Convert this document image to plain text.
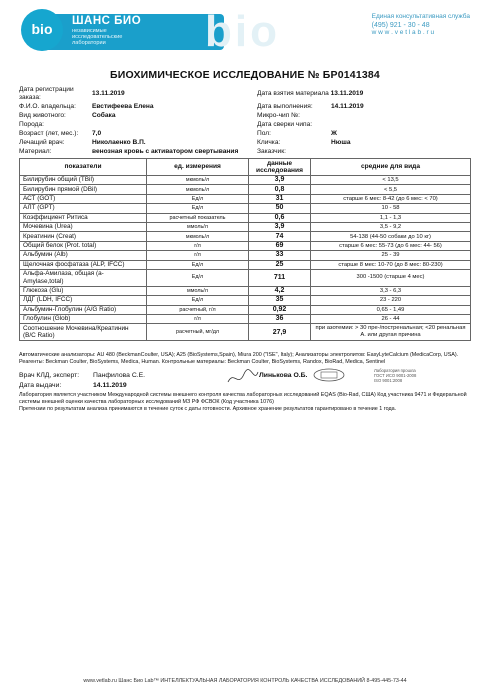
bio	ШАНС БИО
независимые
исследовательские
лаборатории	bio	Единая консультативная служба
(495) 921 - 30 - 48
w w w . v e t l a b . r u
БИОХИМИЧЕСКОЕ ИССЛЕДОВАНИЕ № БР0141384
Дата регистрации заказа:
13.11.2019
Ф.И.О. владельца: Евстифеева Елена
Вид животного:	Собака
Порода:
Возраст (лет, мес.): 7,0
Лечащий врач:	Николаенко В.П.
Материал:	венозная кровь с активатором свертывания
Дата взятия материала 13.11.2019
Дата выполнения:	14.11.2019
Микро-чип №:
Дата сверки чипа:
Пол:	Ж
Кличка:	Нюша
Заказчик:
показатели	ед. измерения	данные исследования	средние для вида
Билирубин общий (TBil)	мкмоль/л	3,9	< 13,5
Билирубин прямой (DBil)	мкмоль/л	0,8	< 5,5
АСТ (GOT)	Ед/л	31	старше 6 мес: 8-42 (до 6 мес: < 70)
АЛТ (GPT)	Ед/л	50	10 - 58
Коэффициент Ритиса	расчетный показатель	0,6	1,1 - 1,3
Мочевина (Urea)	ммоль/л	3,9	3,5 - 9,2
Креатинин (Creat)	мкмоль/л	74	54-138 (44-50 собаки до 10 кг)
Общий белок (Prot. total)	г/л	69	старше 6 мес: 55-73 (до 6 мес: 44- 56)
Альбумин (Alb)	г/л	33	25 - 39
Щелочная фосфатаза (ALP, IFCC)	Ед/л	25	старше 8 мес: 10-70 (до 8 мес: 80-230)
Альфа-Амилаза, общая (a-Amylase,total)	Ед/л	711	300 -1500 (старше 4 мес)
Глюкоза (Glu)	ммоль/л	4,2	3,3 - 6,3
ЛДГ (LDH, IFCC)	Ед/л	35	23 - 220
Альбумин-Глобулин (A/G Ratio)	расчетный, г/л	0,92	0,65 - 1,49
Глобулин (Glob)	г/л	36	26 - 44
Соотношение Мочевина/Креатинин (B/C Ratio)	расчетный, мг/дл	27,9	при азотемии: > 30 пре-/постренальная; <20 ренальная А. или другая причина
Автоматические анализаторы: AU 480 (BeckmanCoulter, USA); A25 (BioSystems,Spain), Miura 200 ("ISE", Italy); Анализаторы электролитов: EasyLyteCalcium (MedicaCorp, USA). Реагенты: Beckman Coulter, BioSystems, Medica, Human. Контрольные материалы: Beckman Coulter, BioSystems, Randox, BioRad, Medica, Sentinel
Врач КЛД, эксперт: Панфилова С.Е.
Дата выдачи:	14.11.2019
Линькова О.Б.
Лаборатория прошла
ГОСТ ИСО 9001-2008
ISO 9001:2008
Лаборатория является участником Международной системы внешнего контроля качества лабораторных исследований EQAS (Bio-Rad, США) Код участника 9471 и Федеральной системы внешней оценки качества лабораторных исследований МЗ РФ ФСВОК (Код участника 1076)
Претензии по результатам анализа принимаются в течение суток с даты готовности. Архивное хранение результатов гарантировано в течение 1 года.
www.vetlab.ru Шанс Био Lab™ ИНТЕЛЛЕКТУАЛЬНАЯ ЛАБОРАТОРИЯ КОНТРОЛЬ КАЧЕСТВА ИССЛЕДОВАНИЙ 8-495-445-73-44
